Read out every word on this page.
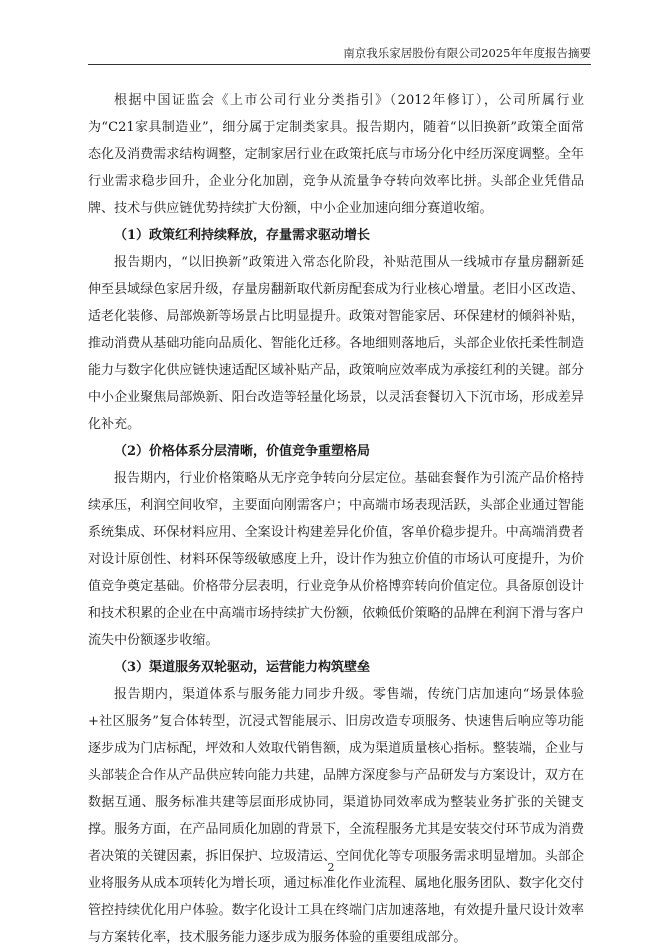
南京我乐家居股份有限公司2025年年度报告摘要

根据中国证监会《上市公司行业分类指引》（2012年修订），公司所属行业为“C21家具制造业”，细分属于定制类家具。报告期内，随着“以旧换新”政策全面常态化及消费需求结构调整，定制家居行业在政策托底与市场分化中经历深度调整。全年行业需求稳步回升，企业分化加剧，竞争从流量争夺转向效率比拼。头部企业凭借品牌、技术与供应链优势持续扩大份额，中小企业加速向细分赛道收缩。

（1）政策红利持续释放，存量需求驱动增长

报告期内，“以旧换新”政策进入常态化阶段，补贴范围从一线城市存量房翻新延伸至县域绿色家居升级，存量房翻新取代新房配套成为行业核心增量。老旧小区改造、适老化装修、局部焕新等场景占比明显提升。政策对智能家居、环保建材的倾斜补贴，推动消费从基础功能向品质化、智能化迁移。各地细则落地后，头部企业依托柔性制造能力与数字化供应链快速适配区域补贴产品，政策响应效率成为承接红利的关键。部分中小企业聚焦局部焕新、阳台改造等轻量化场景，以灵活套餐切入下沉市场，形成差异化补充。

（2）价格体系分层清晰，价值竞争重塑格局

报告期内，行业价格策略从无序竞争转向分层定位。基础套餐作为引流产品价格持续承压，利润空间收窄，主要面向刚需客户；中高端市场表现活跃，头部企业通过智能系统集成、环保材料应用、全案设计构建差异化价值，客单价稳步提升。中高端消费者对设计原创性、材料环保等级敏感度上升，设计作为独立价值的市场认可度提升，为价值竞争奠定基础。价格带分层表明，行业竞争从价格博弈转向价值定位。具备原创设计和技术积累的企业在中高端市场持续扩大份额，依赖低价策略的品牌在利润下滑与客户流失中份额逐步收缩。

（3）渠道服务双轮驱动，运营能力构筑壁垒

报告期内，渠道体系与服务能力同步升级。零售端，传统门店加速向“场景体验+社区服务”复合体转型，沉浸式智能展示、旧房改造专项服务、快速售后响应等功能逐步成为门店标配，坪效和人效取代销售额，成为渠道质量核心指标。整装端，企业与头部装企合作从产品供应转向能力共建，品牌方深度参与产品研发与方案设计，双方在数据互通、服务标准共建等层面形成协同，渠道协同效率成为整装业务扩张的关键支撑。服务方面，在产品同质化加剧的背景下，全流程服务尤其是安装交付环节成为消费者决策的关键因素，拆旧保护、垃圾清运、空间优化等专项服务需求明显增加。头部企业将服务从成本项转化为增长项，通过标准化作业流程、属地化服务团队、数字化交付管控持续优化用户体验。数字化设计工具在终端门店加速落地，有效提升量尺设计效率与方案转化率，技术服务能力逐步成为服务体验的重要组成部分。

2
